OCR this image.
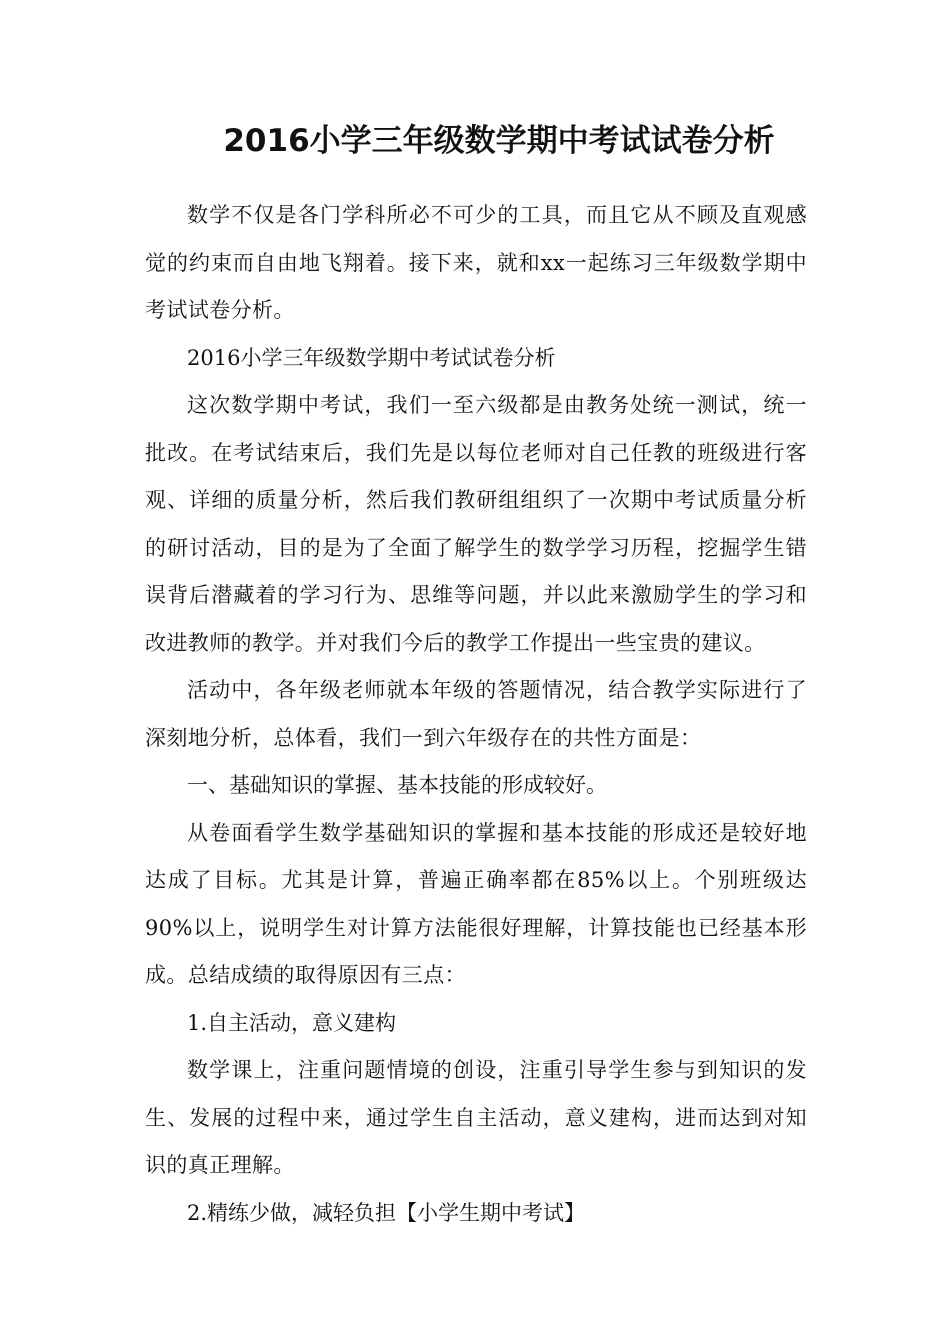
2016小学三年级数学期中考试试卷分析

数学不仅是各门学科所必不可少的工具，而且它从不顾及直观感觉的约束而自由地飞翔着。接下来，就和xx一起练习三年级数学期中考试试卷分析。

2016小学三年级数学期中考试试卷分析

这次数学期中考试，我们一至六级都是由教务处统一测试，统一批改。在考试结束后，我们先是以每位老师对自己任教的班级进行客观、详细的质量分析，然后我们教研组组织了一次期中考试质量分析的研讨活动，目的是为了全面了解学生的数学学习历程，挖掘学生错误背后潜藏着的学习行为、思维等问题，并以此来激励学生的学习和改进教师的教学。并对我们今后的教学工作提出一些宝贵的建议。

活动中，各年级老师就本年级的答题情况，结合教学实际进行了深刻地分析，总体看，我们一到六年级存在的共性方面是：

一、基础知识的掌握、基本技能的形成较好。

从卷面看学生数学基础知识的掌握和基本技能的形成还是较好地达成了目标。尤其是计算，普遍正确率都在85%以上。个别班级达90%以上，说明学生对计算方法能很好理解，计算技能也已经基本形成。总结成绩的取得原因有三点：

1.自主活动，意义建构

数学课上，注重问题情境的创设，注重引导学生参与到知识的发生、发展的过程中来，通过学生自主活动，意义建构，进而达到对知识的真正理解。

2.精练少做，减轻负担【小学生期中考试】
